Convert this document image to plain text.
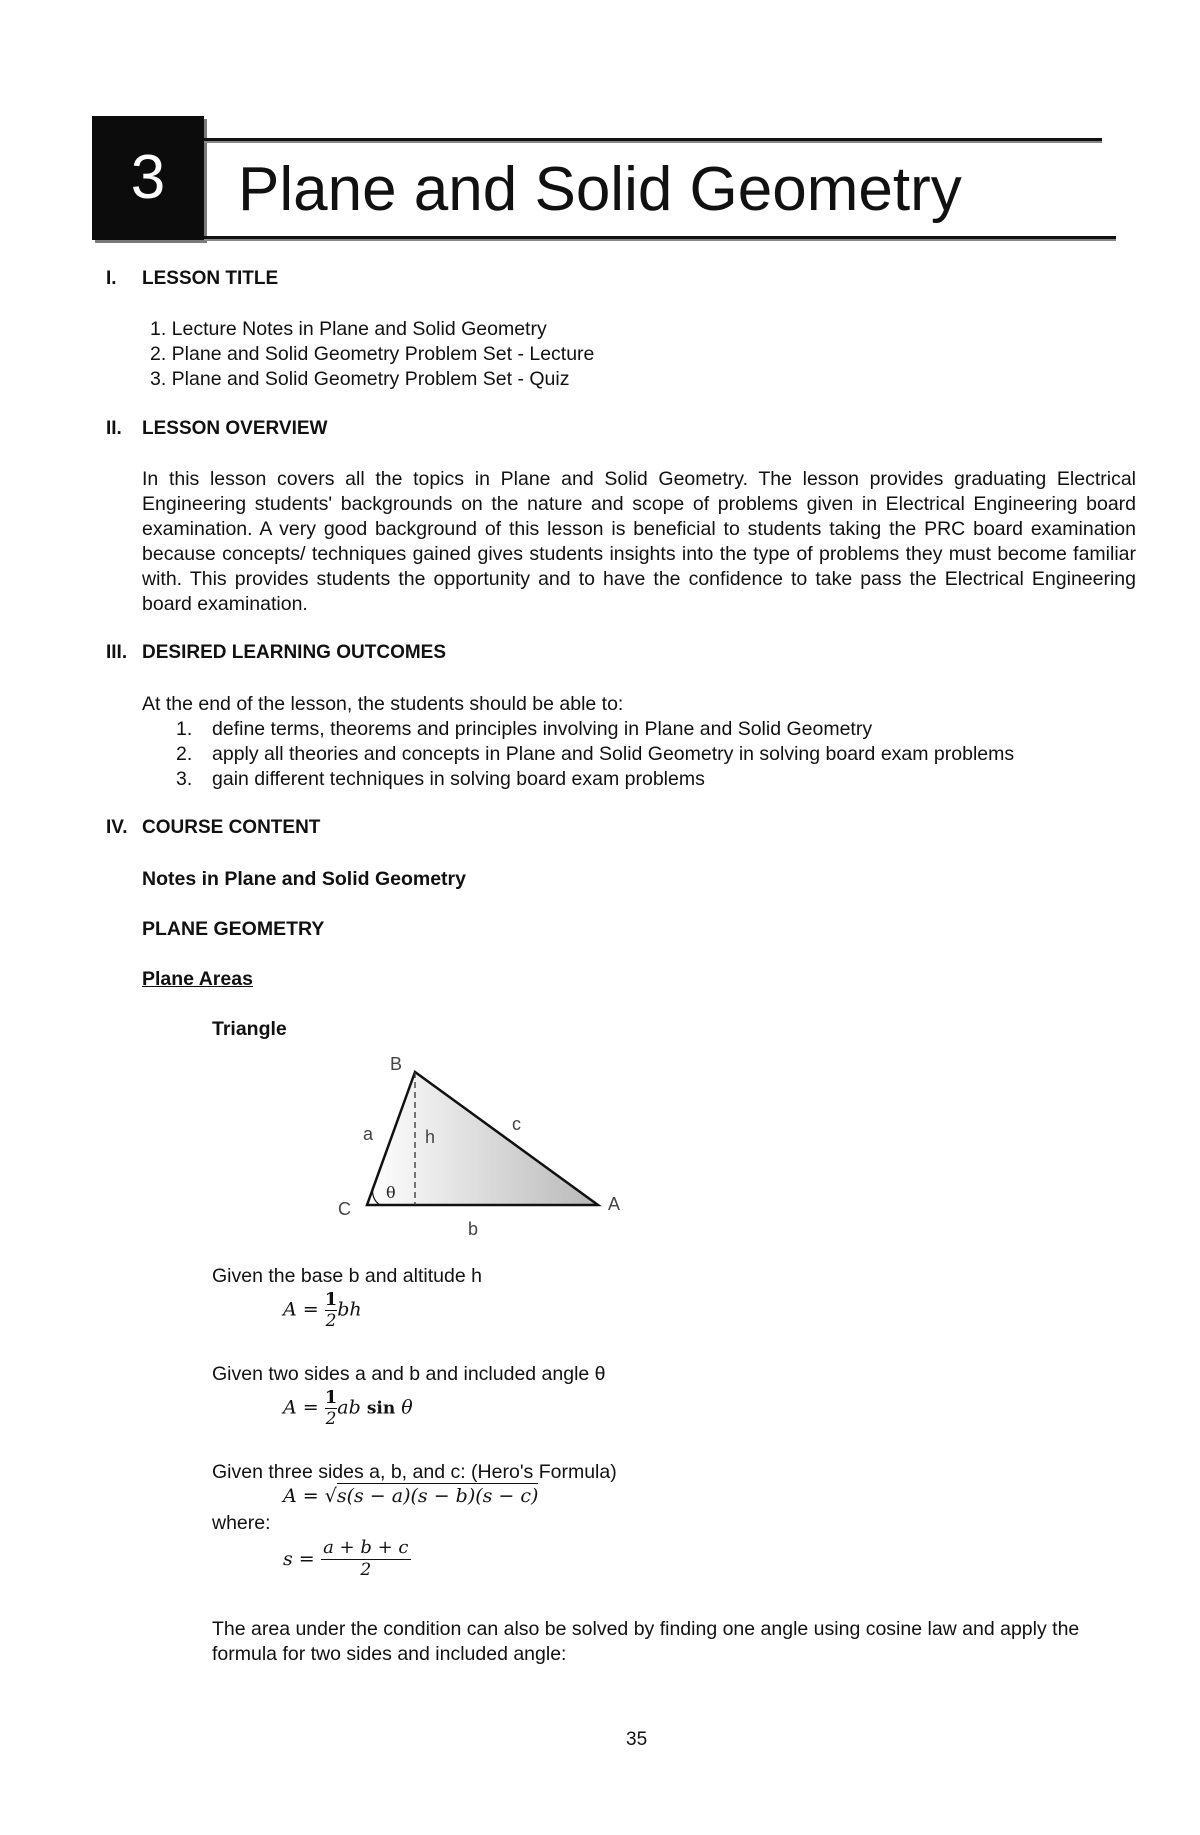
3	Plane and Solid Geometry
I. LESSON TITLE
1. Lecture Notes in Plane and Solid Geometry
2. Plane and Solid Geometry Problem Set - Lecture
3. Plane and Solid Geometry Problem Set - Quiz
II. LESSON OVERVIEW
In this lesson covers all the topics in Plane and Solid Geometry. The lesson provides graduating Electrical Engineering students' backgrounds on the nature and scope of problems given in Electrical Engineering board examination. A very good background of this lesson is beneficial to students taking the PRC board examination because concepts/ techniques gained gives students insights into the type of problems they must become familiar with. This provides students the opportunity and to have the confidence to take pass the Electrical Engineering board examination.
III. DESIRED LEARNING OUTCOMES
At the end of the lesson, the students should be able to:
1. define terms, theorems and principles involving in Plane and Solid Geometry
2. apply all theories and concepts in Plane and Solid Geometry in solving board exam problems
3. gain different techniques in solving board exam problems
IV. COURSE CONTENT
Notes in Plane and Solid Geometry
PLANE GEOMETRY
Plane Areas
Triangle
B
C	A
a	h
c
b
θ
Given the base b and altitude h
$A = \frac{1}{2}$ bh
Given two sides a and b and included angle θ
$A = \frac{1}{2}$ ab sin θ
Given three sides a, b, and c: (Hero's Formula)
A = √s(s − a)(s − b)(s − c)
where:
$s = \frac{a + b + c}{2}$
The area under the condition can also be solved by finding one angle using cosine law and apply the formula for two sides and included angle:
35
